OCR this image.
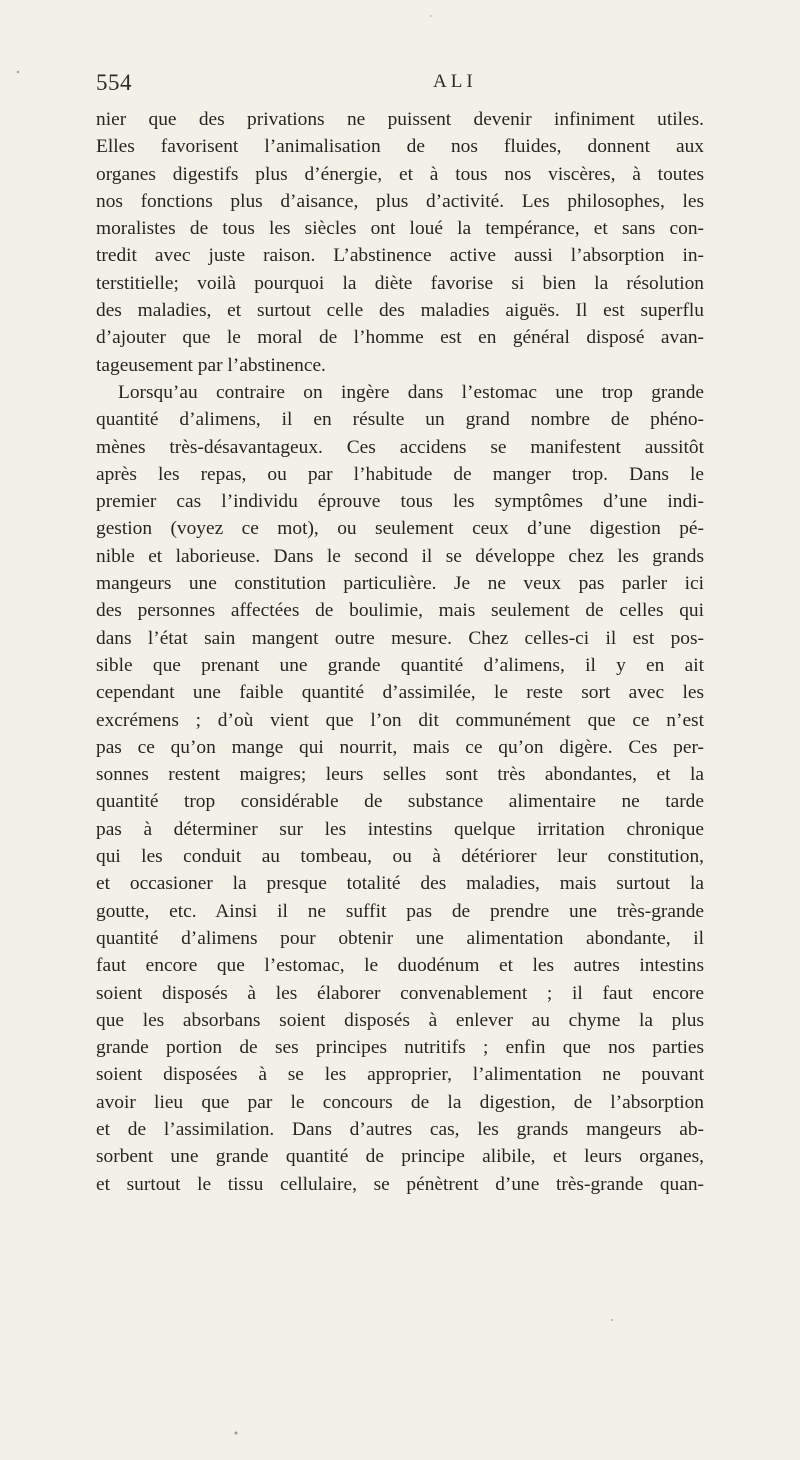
554	ALI
nier que des privations ne puissent devenir infiniment utiles.
Elles favorisent l’animalisation de nos fluides, donnent aux
organes digestifs plus d’énergie, et à tous nos viscères, à toutes
nos fonctions plus d’aisance, plus d’activité. Les philosophes, les
moralistes de tous les siècles ont loué la tempérance, et sans con-
tredit avec juste raison. L’abstinence active aussi l’absorption in-
terstitielle; voilà pourquoi la diète favorise si bien la résolution
des maladies, et surtout celle des maladies aiguës. Il est superflu
d’ajouter que le moral de l’homme est en général disposé avan-
tageusement par l’abstinence.
Lorsqu’au contraire on ingère dans l’estomac une trop grande
quantité d’alimens, il en résulte un grand nombre de phéno-
mènes très-désavantageux. Ces accidens se manifestent aussitôt
après les repas, ou par l’habitude de manger trop. Dans le
premier cas l’individu éprouve tous les symptômes d’une indi-
gestion (voyez ce mot), ou seulement ceux d’une digestion pé-
nible et laborieuse. Dans le second il se développe chez les grands
mangeurs une constitution particulière. Je ne veux pas parler ici
des personnes affectées de boulimie, mais seulement de celles qui
dans l’état sain mangent outre mesure. Chez celles-ci il est pos-
sible que prenant une grande quantité d’alimens, il y en ait
cependant une faible quantité d’assimilée, le reste sort avec les
excrémens ; d’où vient que l’on dit communément que ce n’est
pas ce qu’on mange qui nourrit, mais ce qu’on digère. Ces per-
sonnes restent maigres; leurs selles sont très abondantes, et la
quantité trop considérable de substance alimentaire ne tarde
pas à déterminer sur les intestins quelque irritation chronique
qui les conduit au tombeau, ou à détériorer leur constitution,
et occasioner la presque totalité des maladies, mais surtout la
goutte, etc. Ainsi il ne suffit pas de prendre une très-grande
quantité d’alimens pour obtenir une alimentation abondante, il
faut encore que l’estomac, le duodénum et les autres intestins
soient disposés à les élaborer convenablement ; il faut encore
que les absorbans soient disposés à enlever au chyme la plus
grande portion de ses principes nutritifs ; enfin que nos parties
soient disposées à se les approprier, l’alimentation ne pouvant
avoir lieu que par le concours de la digestion, de l’absorption
et de l’assimilation. Dans d’autres cas, les grands mangeurs ab-
sorbent une grande quantité de principe alibile, et leurs organes,
et surtout le tissu cellulaire, se pénètrent d’une très-grande quan-
